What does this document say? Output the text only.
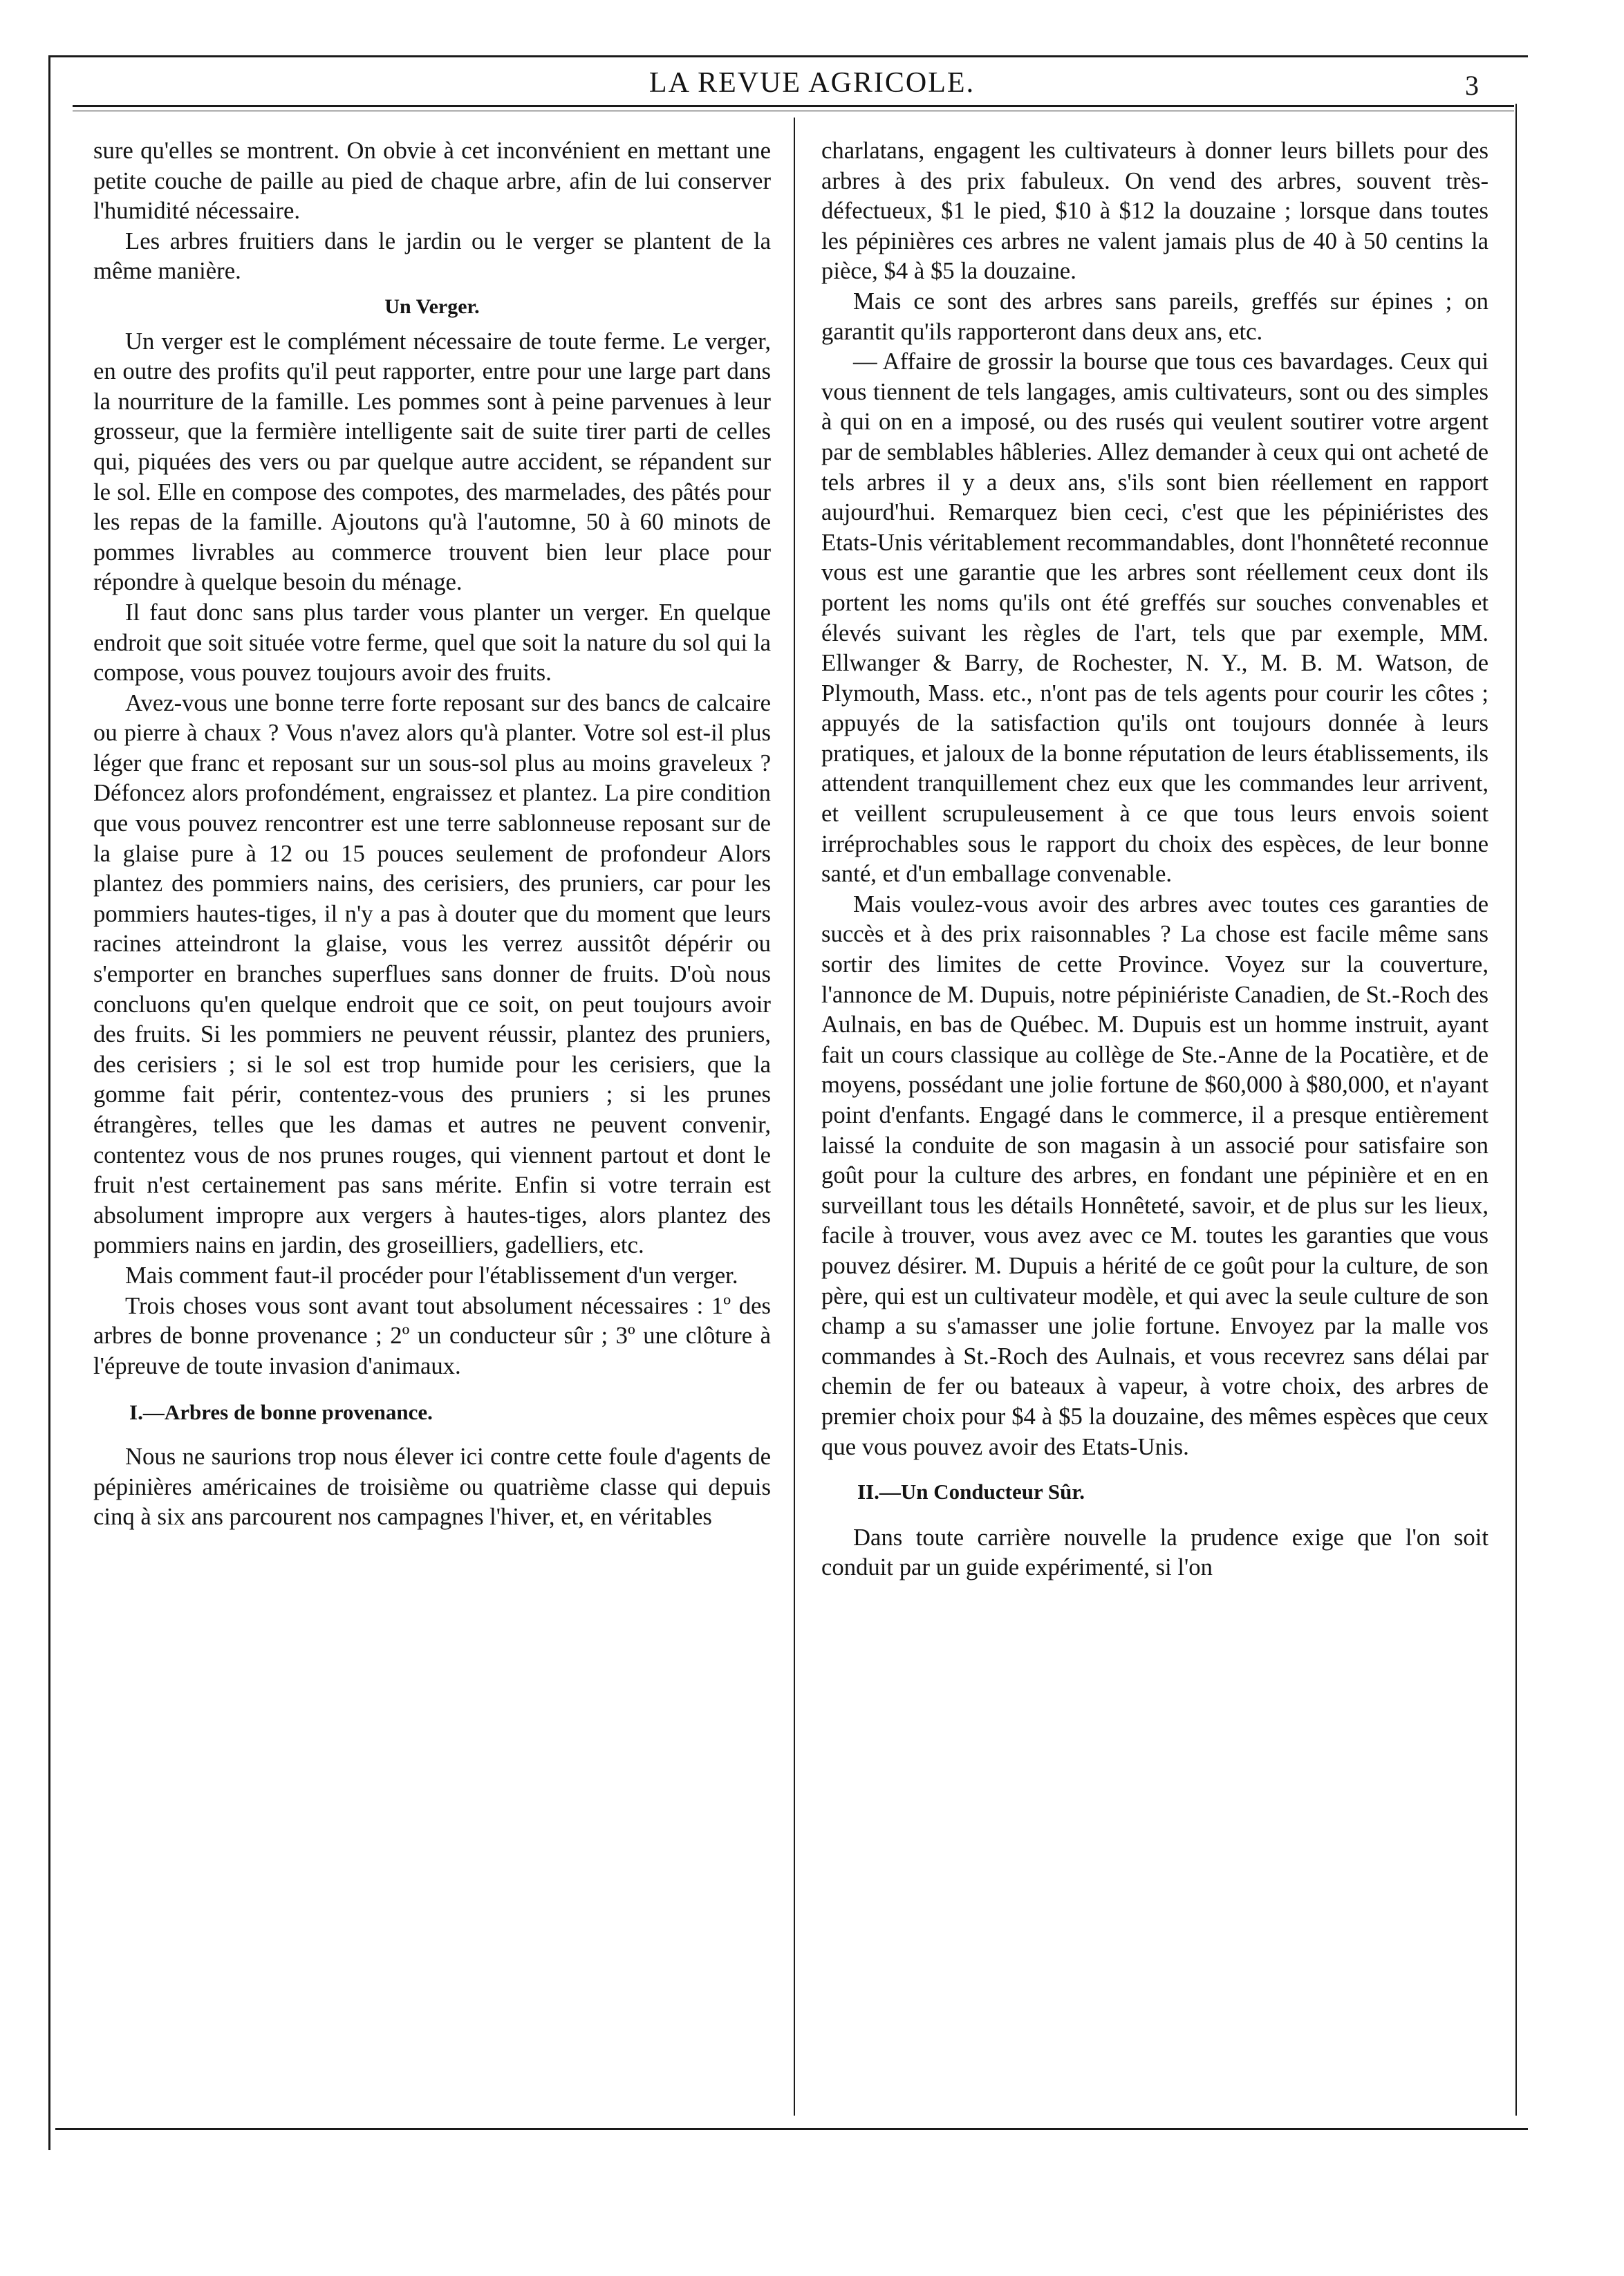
LA REVUE AGRICOLE.	3

sure qu'elles se montrent. On obvie à cet inconvénient en mettant une petite couche de paille au pied de chaque arbre, afin de lui conserver l'humidité nécessaire.

Les arbres fruitiers dans le jardin ou le verger se plantent de la même manière.

Un Verger.

Un verger est le complément nécessaire de toute ferme. Le verger, en outre des profits qu'il peut rapporter, entre pour une large part dans la nourriture de la famille. Les pommes sont à peine parvenues à leur grosseur, que la fermière intelligente sait de suite tirer parti de celles qui, piquées des vers ou par quelque autre accident, se répandent sur le sol. Elle en compose des compotes, des marmelades, des pâtés pour les repas de la famille. Ajoutons qu'à l'automne, 50 à 60 minots de pommes livrables au commerce trouvent bien leur place pour répondre à quelque besoin du ménage.

Il faut donc sans plus tarder vous planter un verger. En quelque endroit que soit située votre ferme, quel que soit la nature du sol qui la compose, vous pouvez toujours avoir des fruits.

Avez-vous une bonne terre forte reposant sur des bancs de calcaire ou pierre à chaux ? Vous n'avez alors qu'à planter. Votre sol est-il plus léger que franc et reposant sur un sous-sol plus au moins graveleux ? Défoncez alors profondément, engraissez et plantez. La pire condition que vous pouvez rencontrer est une terre sablonneuse reposant sur de la glaise pure à 12 ou 15 pouces seulement de profondeur Alors plantez des pommiers nains, des cerisiers, des pruniers, car pour les pommiers hautes-tiges, il n'y a pas à douter que du moment que leurs racines atteindront la glaise, vous les verrez aussitôt dépérir ou s'emporter en branches superflues sans donner de fruits. D'où nous concluons qu'en quelque endroit que ce soit, on peut toujours avoir des fruits. Si les pommiers ne peuvent réussir, plantez des pruniers, des cerisiers ; si le sol est trop humide pour les cerisiers, que la gomme fait périr, contentez-vous des pruniers ; si les prunes étrangères, telles que les damas et autres ne peuvent convenir, contentez vous de nos prunes rouges, qui viennent partout et dont le fruit n'est certainement pas sans mérite. Enfin si votre terrain est absolument impropre aux vergers à hautes-tiges, alors plantez des pommiers nains en jardin, des groseilliers, gadelliers, etc.

Mais comment faut-il procéder pour l'établissement d'un verger.

Trois choses vous sont avant tout absolument nécessaires : 1º des arbres de bonne provenance ; 2º un conducteur sûr ; 3º une clôture à l'épreuve de toute invasion d'animaux.

I.—Arbres de bonne provenance.

Nous ne saurions trop nous élever ici contre cette foule d'agents de pépinières américaines de troisième ou quatrième classe qui depuis cinq à six ans parcourent nos campagnes l'hiver, et, en véritables

charlatans, engagent les cultivateurs à donner leurs billets pour des arbres à des prix fabuleux. On vend des arbres, souvent très-défectueux, $1 le pied, $10 à $12 la douzaine ; lorsque dans toutes les pépinières ces arbres ne valent jamais plus de 40 à 50 centins la pièce, $4 à $5 la douzaine.

Mais ce sont des arbres sans pareils, greffés sur épines ; on garantit qu'ils rapporteront dans deux ans, etc.

— Affaire de grossir la bourse que tous ces bavardages. Ceux qui vous tiennent de tels langages, amis cultivateurs, sont ou des simples à qui on en a imposé, ou des rusés qui veulent soutirer votre argent par de semblables hâbleries. Allez demander à ceux qui ont acheté de tels arbres il y a deux ans, s'ils sont bien réellement en rapport aujourd'hui. Remarquez bien ceci, c'est que les pépiniéristes des Etats-Unis véritablement recommandables, dont l'honnêteté reconnue vous est une garantie que les arbres sont réellement ceux dont ils portent les noms qu'ils ont été greffés sur souches convenables et élevés suivant les règles de l'art, tels que par exemple, MM. Ellwanger & Barry, de Rochester, N. Y., M. B. M. Watson, de Plymouth, Mass. etc., n'ont pas de tels agents pour courir les côtes ; appuyés de la satisfaction qu'ils ont toujours donnée à leurs pratiques, et jaloux de la bonne réputation de leurs établissements, ils attendent tranquillement chez eux que les commandes leur arrivent, et veillent scrupuleusement à ce que tous leurs envois soient irréprochables sous le rapport du choix des espèces, de leur bonne santé, et d'un emballage convenable.

Mais voulez-vous avoir des arbres avec toutes ces garanties de succès et à des prix raisonnables ? La chose est facile même sans sortir des limites de cette Province. Voyez sur la couverture, l'annonce de M. Dupuis, notre pépiniériste Canadien, de St.-Roch des Aulnais, en bas de Québec. M. Dupuis est un homme instruit, ayant fait un cours classique au collège de Ste.-Anne de la Pocatière, et de moyens, possédant une jolie fortune de $60,000 à $80,000, et n'ayant point d'enfants. Engagé dans le commerce, il a presque entièrement laissé la conduite de son magasin à un associé pour satisfaire son goût pour la culture des arbres, en fondant une pépinière et en en surveillant tous les détails Honnêteté, savoir, et de plus sur les lieux, facile à trouver, vous avez avec ce M. toutes les garanties que vous pouvez désirer. M. Dupuis a hérité de ce goût pour la culture, de son père, qui est un cultivateur modèle, et qui avec la seule culture de son champ a su s'amasser une jolie fortune. Envoyez par la malle vos commandes à St.-Roch des Aulnais, et vous recevrez sans délai par chemin de fer ou bateaux à vapeur, à votre choix, des arbres de premier choix pour $4 à $5 la douzaine, des mêmes espèces que ceux que vous pouvez avoir des Etats-Unis.

II.—Un Conducteur Sûr.

Dans toute carrière nouvelle la prudence exige que l'on soit conduit par un guide expérimenté, si l'on
